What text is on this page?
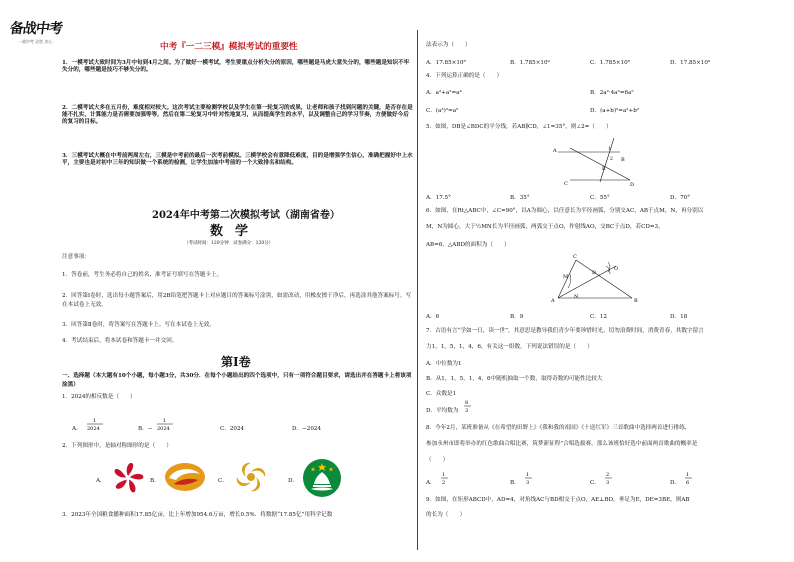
备战中考
一战中考 必胜 决心
中考『一二三模』模拟考试的重要性
1．一模考试大致时间为3月中旬到4月之间。为了做好一模考试，考生要重点分析失分的原因，哪些题是马虎大意失分的，哪些题是知识不牢失分的，哪些题是技巧不够失分的。
2．二模考试大多在五月份，难度相对较大。这次考试主要检测学校以及学生在第一轮复习的成果，让老师和孩子找到问题的关键，是否存在是能不扎实，计算能力是否需要加强等等，然后在第二轮复习中针对性地复习，从而提高学生的水平，以及调整自己的学习节奏，方便做好今后的复习的目标。
3．三模考试大概在中考前两周左右，三模是中考前的最后一次考前模拟。三模学校会有意降低难度，目的是增强学生信心，准确把握好中上水平，主要也是对初中三年的知识做一个系统的检测，让学生加油中考前的一个大致排名和结构。
2024年中考第二次模拟考试（湖南省卷）
数学
（考试时间：120分钟　试卷满分：120分）
注意事项：
1．答卷前，考生务必将自己的姓名、准考证号填写在答题卡上。
2．回答第Ⅰ卷时，选出每小题答案后，用2B铅笔把答题卡上对应题目的答案标号涂黑，如需改动，用橡皮擦干净后，再选涂其他答案标号。写在本试卷上无效。
3．回答第Ⅱ卷时，将答案写在答题卡上。写在本试卷上无效。
4．考试结束后，将本试卷和答题卡一并交回。
第Ⅰ卷
一、选择题（本大题有10个小题，每小题3分，共30分．在每个小题给出的四个选项中，只有一项符合题目要求，请选出并在答题卡上将该项涂黑）
1．2024的相反数是（　　）
A．
1
2024	B．−
1
2024	C．2024	D．−2024
2．下列图形中，是轴对称图形的是（　　）
A．	B．	C．	D．
3．2023年全国粮食播种面积17.85亿亩，比上年增加954.6万亩，增长0.5%．将数据“17.85亿”用科学记数
法表示为（　　）
A．17.85×10⁸	B．1.785×10⁹	C．1.785×10⁸	D．17.85×10⁹
4．下列运算正确的是（　　）
A．a²+a²=a⁴	B．2a²·4a³=6a⁵
C．(a³)²=a⁵	D．(a+b)²=a²+b²
5．如图，DB是∠BDC的平分线，若AB∥CD，∠1=35°，则∠2=（　　）
A
B
C	D
E
1
2
A．17.5°	B．35°	C．55°	D．70°
6．如图，在Rt△ABC中，∠C=90°，以A为圆心，以任意长为半径画弧，分别交AC，AB于点M，N，再分别以
M，N为圆心，大于½MN长为半径画弧，两弧交于点O，作射线AO，交BC于点D，若CD=3，
AB=6，△ABD的面积为（　　）
A	B
C
D
M
N
O
A．6	B．9	C．12	D．18
7．古语有言“学如一日，读一世”，其意思是教导我们青少年要珍惜时光，切勿浪费时间，消费青春，其数字留言
力1，1，5，1，4，6，有关这一组数，下列说法错误的是（　　）
A．中位数为1
B．从1，1，5，1，4，6中随机抽取一个数，取得奇数的可能性比较大
C．众数是1
D．平均数为
8
3
8．今年2月，某班准备从《在希望的田野上》《我和我的祖国》《十送红军》三首歌曲中选择两首进行排练，
参加永州市即将举办的红色歌曲合唱比赛，筑梦新征程”合唱选拔赛，那么该班恰好选中前面两首歌曲的概率是
（　　）
A．
1
2	B．
1
3	C．
2
3	D．
1
6
9．如图，在矩形ABCD中，AD=4，对角线AC与BD相交于点O，AE⊥BD，垂足为E，DE=3BE，则AB
的长为（　　）
